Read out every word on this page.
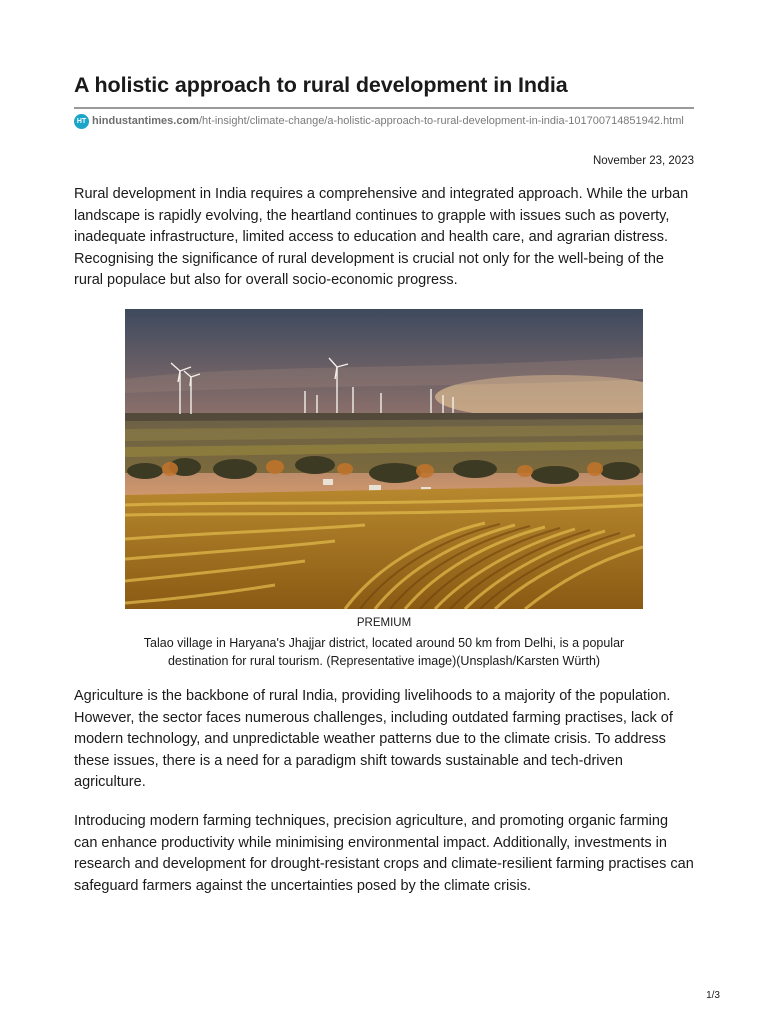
A holistic approach to rural development in India
HT hindustantimes.com/ht-insight/climate-change/a-holistic-approach-to-rural-development-in-india-101700714851942.html
November 23, 2023

Rural development in India requires a comprehensive and integrated approach. While the urban landscape is rapidly evolving, the heartland continues to grapple with issues such as poverty, inadequate infrastructure, limited access to education and health care, and agrarian distress. Recognising the significance of rural development is crucial not only for the well-being of the rural populace but also for overall socio-economic progress.

PREMIUM
Talao village in Haryana's Jhajjar district, located around 50 km from Delhi, is a popular destination for rural tourism. (Representative image)(Unsplash/Karsten Würth)

Agriculture is the backbone of rural India, providing livelihoods to a majority of the population. However, the sector faces numerous challenges, including outdated farming practises, lack of modern technology, and unpredictable weather patterns due to the climate crisis. To address these issues, there is a need for a paradigm shift towards sustainable and tech-driven agriculture.

Introducing modern farming techniques, precision agriculture, and promoting organic farming can enhance productivity while minimising environmental impact. Additionally, investments in research and development for drought-resistant crops and climate-resilient farming practises can safeguard farmers against the uncertainties posed by the climate crisis.

1/3
